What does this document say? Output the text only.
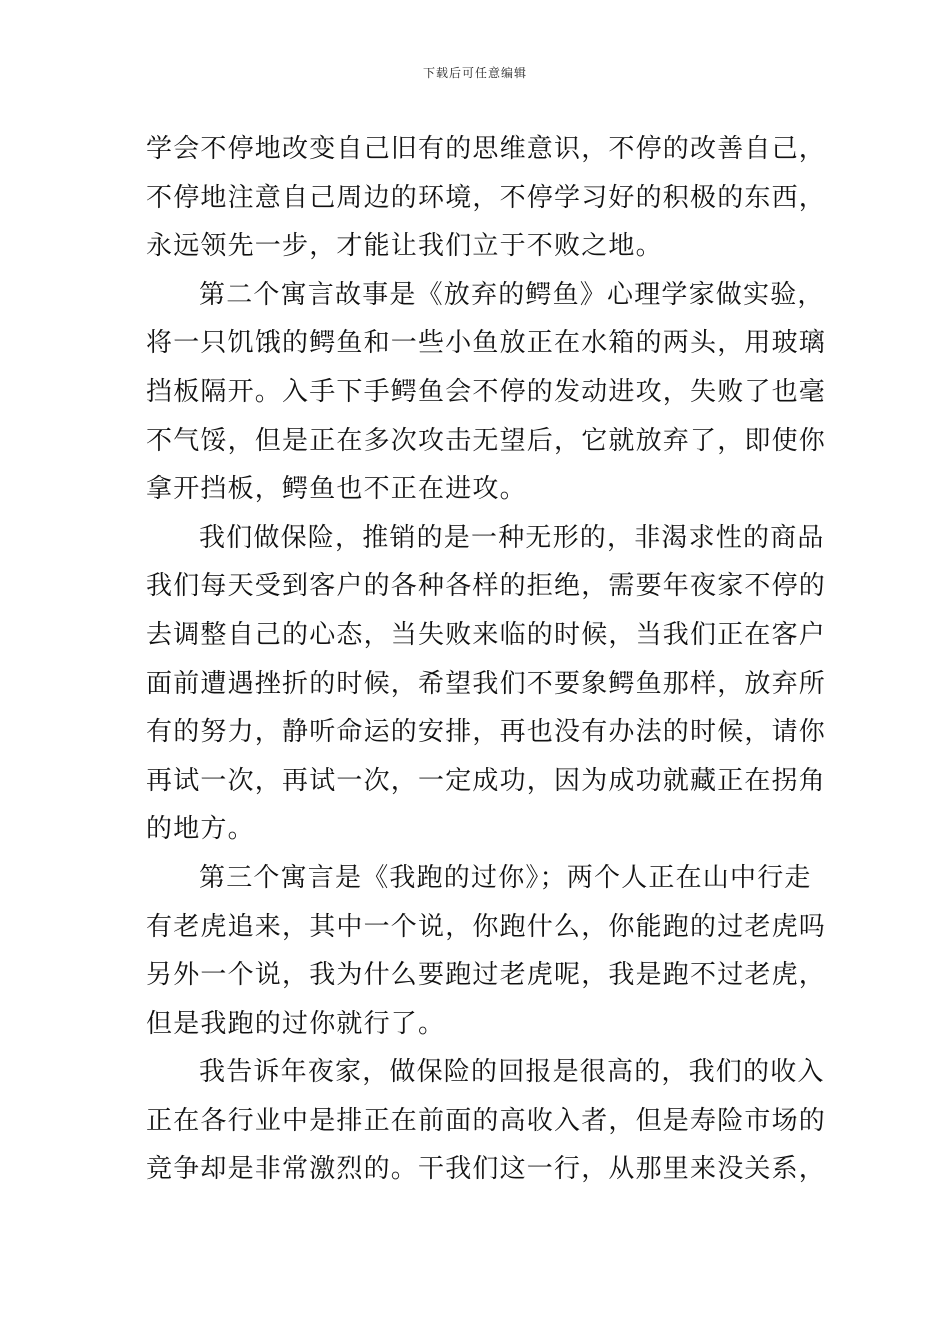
下载后可任意编辑
学会不停地改变自己旧有的思维意识，不停的改善自己，
不停地注意自己周边的环境，不停学习好的积极的东西，
永远领先一步，才能让我们立于不败之地。
第二个寓言故事是《放弃的鳄鱼》心理学家做实验，
将一只饥饿的鳄鱼和一些小鱼放正在水箱的两头，用玻璃
挡板隔开。入手下手鳄鱼会不停的发动进攻，失败了也毫
不气馁，但是正在多次攻击无望后，它就放弃了，即使你
拿开挡板，鳄鱼也不正在进攻。
我们做保险，推销的是一种无形的，非渴求性的商品
我们每天受到客户的各种各样的拒绝，需要年夜家不停的
去调整自己的心态，当失败来临的时候，当我们正在客户
面前遭遇挫折的时候，希望我们不要象鳄鱼那样，放弃所
有的努力，静听命运的安排，再也没有办法的时候，请你
再试一次，再试一次，一定成功，因为成功就藏正在拐角
的地方。
第三个寓言是《我跑的过你》；两个人正在山中行走
有老虎追来，其中一个说，你跑什么，你能跑的过老虎吗
另外一个说，我为什么要跑过老虎呢，我是跑不过老虎，
但是我跑的过你就行了。
我告诉年夜家，做保险的回报是很高的，我们的收入
正在各行业中是排正在前面的高收入者，但是寿险市场的
竞争却是非常激烈的。干我们这一行，从那里来没关系，
